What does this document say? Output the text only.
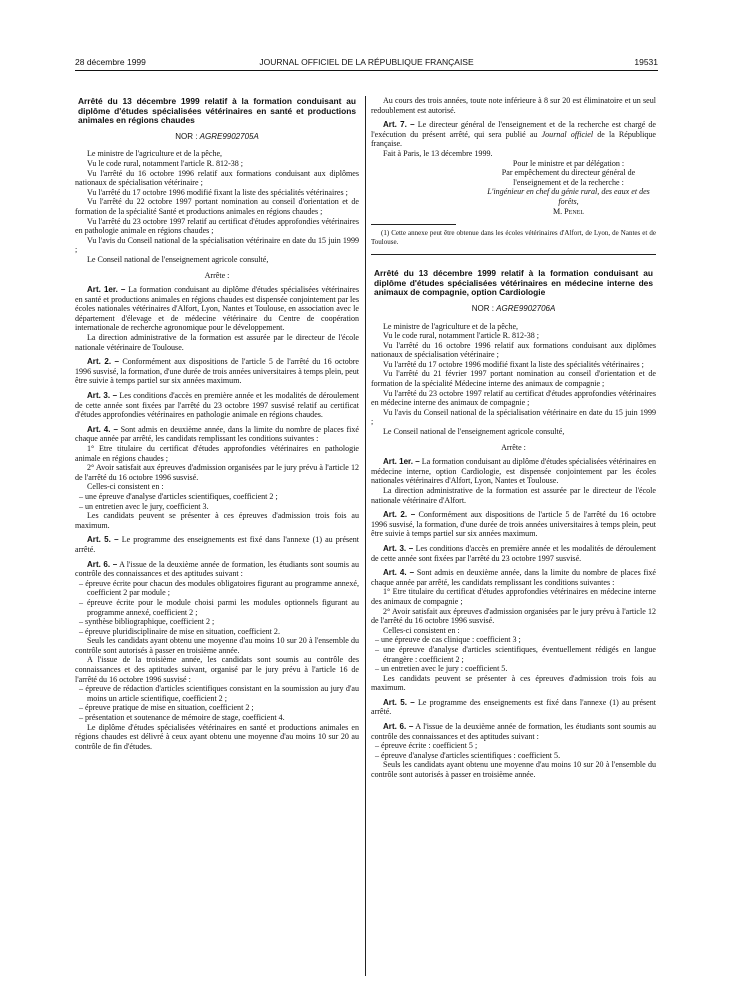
28 décembre 1999	JOURNAL OFFICIEL DE LA RÉPUBLIQUE FRANÇAISE	19531
Arrêté du 13 décembre 1999 relatif à la formation conduisant au diplôme d'études spécialisées vétérinaires en santé et productions animales en régions chaudes
NOR : AGRE9902705A

Le ministre de l'agriculture et de la pêche,

Vu le code rural, notamment l'article R. 812-38 ;

Vu l'arrêté du 16 octobre 1996 relatif aux formations conduisant aux diplômes nationaux de spécialisation vétérinaire ;

Vu l'arrêté du 17 octobre 1996 modifié fixant la liste des spécialités vétérinaires ;

Vu l'arrêté du 22 octobre 1997 portant nomination au conseil d'orientation et de formation de la spécialité Santé et productions animales en régions chaudes ;

Vu l'arrêté du 23 octobre 1997 relatif au certificat d'études approfondies vétérinaires en pathologie animale en régions chaudes ;

Vu l'avis du Conseil national de la spécialisation vétérinaire en date du 15 juin 1999 ;

Le Conseil national de l'enseignement agricole consulté,

Arrête :

Art. 1er. – La formation conduisant au diplôme d'études spécialisées vétérinaires en santé et productions animales en régions chaudes est dispensée conjointement par les écoles nationales vétérinaires d'Alfort, Lyon, Nantes et Toulouse, en association avec le département d'élevage et de médecine vétérinaire du Centre de coopération internationale de recherche agronomique pour le développement.

La direction administrative de la formation est assurée par le directeur de l'école nationale vétérinaire de Toulouse.

Art. 2. – Conformément aux dispositions de l'article 5 de l'arrêté du 16 octobre 1996 susvisé, la formation, d'une durée de trois années universitaires à temps plein, peut être suivie à temps partiel sur six années maximum.

Art. 3. – Les conditions d'accès en première année et les modalités de déroulement de cette année sont fixées par l'arrêté du 23 octobre 1997 susvisé relatif au certificat d'études approfondies vétérinaires en pathologie animale en régions chaudes.

Art. 4. – Sont admis en deuxième année, dans la limite du nombre de places fixé chaque année par arrêté, les candidats remplissant les conditions suivantes :

1° Etre titulaire du certificat d'études approfondies vétérinaires en pathologie animale en régions chaudes ;

2° Avoir satisfait aux épreuves d'admission organisées par le jury prévu à l'article 12 de l'arrêté du 16 octobre 1996 susvisé.

Celles-ci consistent en :

– une épreuve d'analyse d'articles scientifiques, coefficient 2 ;

– un entretien avec le jury, coefficient 3.

Les candidats peuvent se présenter à ces épreuves d'admission trois fois au maximum.

Art. 5. – Le programme des enseignements est fixé dans l'annexe (1) au présent arrêté.

Art. 6. – A l'issue de la deuxième année de formation, les étudiants sont soumis au contrôle des connaissances et des aptitudes suivant :

– épreuve écrite pour chacun des modules obligatoires figurant au programme annexé, coefficient 2 par module ;

– épreuve écrite pour le module choisi parmi les modules optionnels figurant au programme annexé, coefficient 2 ;

– synthèse bibliographique, coefficient 2 ;

– épreuve pluridisciplinaire de mise en situation, coefficient 2.

Seuls les candidats ayant obtenu une moyenne d'au moins 10 sur 20 à l'ensemble du contrôle sont autorisés à passer en troisième année.

A l'issue de la troisième année, les candidats sont soumis au contrôle des connaissances et des aptitudes suivant, organisé par le jury prévu à l'article 16 de l'arrêté du 16 octobre 1996 susvisé :

– épreuve de rédaction d'articles scientifiques consistant en la soumission au jury d'au moins un article scientifique, coefficient 2 ;

– épreuve pratique de mise en situation, coefficient 2 ;

– présentation et soutenance de mémoire de stage, coefficient 4.

Le diplôme d'études spécialisées vétérinaires en santé et productions animales en régions chaudes est délivré à ceux ayant obtenu une moyenne d'au moins 10 sur 20 au contrôle de fin d'études.

Au cours des trois années, toute note inférieure à 8 sur 20 est éliminatoire et un seul redoublement est autorisé.

Art. 7. – Le directeur général de l'enseignement et de la recherche est chargé de l'exécution du présent arrêté, qui sera publié au Journal officiel de la République française.

Fait à Paris, le 13 décembre 1999.

Pour le ministre et par délégation :

Par empêchement du directeur général de l'enseignement et de la recherche :

L'ingénieur en chef du génie rural, des eaux et des forêts,

M. Penel

(1) Cette annexe peut être obtenue dans les écoles vétérinaires d'Alfort, de Lyon, de Nantes et de Toulouse.

Arrêté du 13 décembre 1999 relatif à la formation conduisant au diplôme d'études spécialisées vétérinaires en médecine interne des animaux de compagnie, option Cardiologie
NOR : AGRE9902706A

Le ministre de l'agriculture et de la pêche,

Vu le code rural, notamment l'article R. 812-38 ;

Vu l'arrêté du 16 octobre 1996 relatif aux formations conduisant aux diplômes nationaux de spécialisation vétérinaire ;

Vu l'arrêté du 17 octobre 1996 modifié fixant la liste des spécialités vétérinaires ;

Vu l'arrêté du 21 février 1997 portant nomination au conseil d'orientation et de formation de la spécialité Médecine interne des animaux de compagnie ;

Vu l'arrêté du 23 octobre 1997 relatif au certificat d'études approfondies vétérinaires en médecine interne des animaux de compagnie ;

Vu l'avis du Conseil national de la spécialisation vétérinaire en date du 15 juin 1999 ;

Le Conseil national de l'enseignement agricole consulté,

Arrête :

Art. 1er. – La formation conduisant au diplôme d'études spécialisées vétérinaires en médecine interne, option Cardiologie, est dispensée conjointement par les écoles nationales vétérinaires d'Alfort, Lyon, Nantes et Toulouse.

La direction administrative de la formation est assurée par le directeur de l'école nationale vétérinaire d'Alfort.

Art. 2. – Conformément aux dispositions de l'article 5 de l'arrêté du 16 octobre 1996 susvisé, la formation, d'une durée de trois années universitaires à temps plein, peut être suivie à temps partiel sur six années maximum.

Art. 3. – Les conditions d'accès en première année et les modalités de déroulement de cette année sont fixées par l'arrêté du 23 octobre 1997 susvisé.

Art. 4. – Sont admis en deuxième année, dans la limite du nombre de places fixé chaque année par arrêté, les candidats remplissant les conditions suivantes :

1° Etre titulaire du certificat d'études approfondies vétérinaires en médecine interne des animaux de compagnie ;

2° Avoir satisfait aux épreuves d'admission organisées par le jury prévu à l'article 12 de l'arrêté du 16 octobre 1996 susvisé.

Celles-ci consistent en :

– une épreuve de cas clinique : coefficient 3 ;

– une épreuve d'analyse d'articles scientifiques, éventuellement rédigés en langue étrangère : coefficient 2 ;

– un entretien avec le jury : coefficient 5.

Les candidats peuvent se présenter à ces épreuves d'admission trois fois au maximum.

Art. 5. – Le programme des enseignements est fixé dans l'annexe (1) au présent arrêté.

Art. 6. – A l'issue de la deuxième année de formation, les étudiants sont soumis au contrôle des connaissances et des aptitudes suivant :

– épreuve écrite : coefficient 5 ;

– épreuve d'analyse d'articles scientifiques : coefficient 5.

Seuls les candidats ayant obtenu une moyenne d'au moins 10 sur 20 à l'ensemble du contrôle sont autorisés à passer en troisième année.
